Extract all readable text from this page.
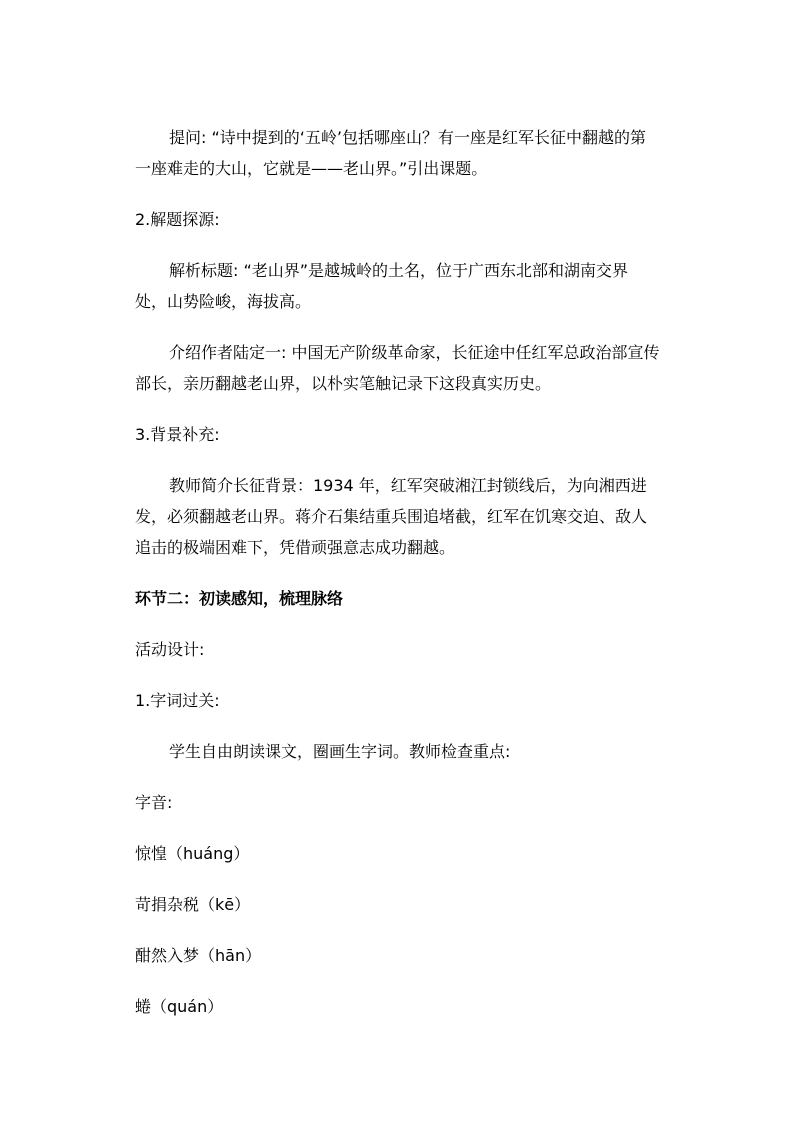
提问: “诗中提到的‘五岭’包括哪座山？有一座是红军长征中翻越的第一座难走的大山，它就是——老山界。”引出课题。

2.解题探源:

解析标题: “老山界”是越城岭的土名，位于广西东北部和湖南交界处，山势险峻，海拔高。

介绍作者陆定一: 中国无产阶级革命家，长征途中任红军总政治部宣传部长，亲历翻越老山界，以朴实笔触记录下这段真实历史。

3.背景补充:

教师简介长征背景：1934 年，红军突破湘江封锁线后，为向湘西进发，必须翻越老山界。蒋介石集结重兵围追堵截，红军在饥寒交迫、敌人追击的极端困难下，凭借顽强意志成功翻越。

环节二：初读感知，梳理脉络

活动设计:

1.字词过关:

学生自由朗读课文，圈画生字词。教师检查重点:

字音:

惊惶（huáng）

苛捐杂税（kē）

酣然入梦（hān）

蜷（quán）
